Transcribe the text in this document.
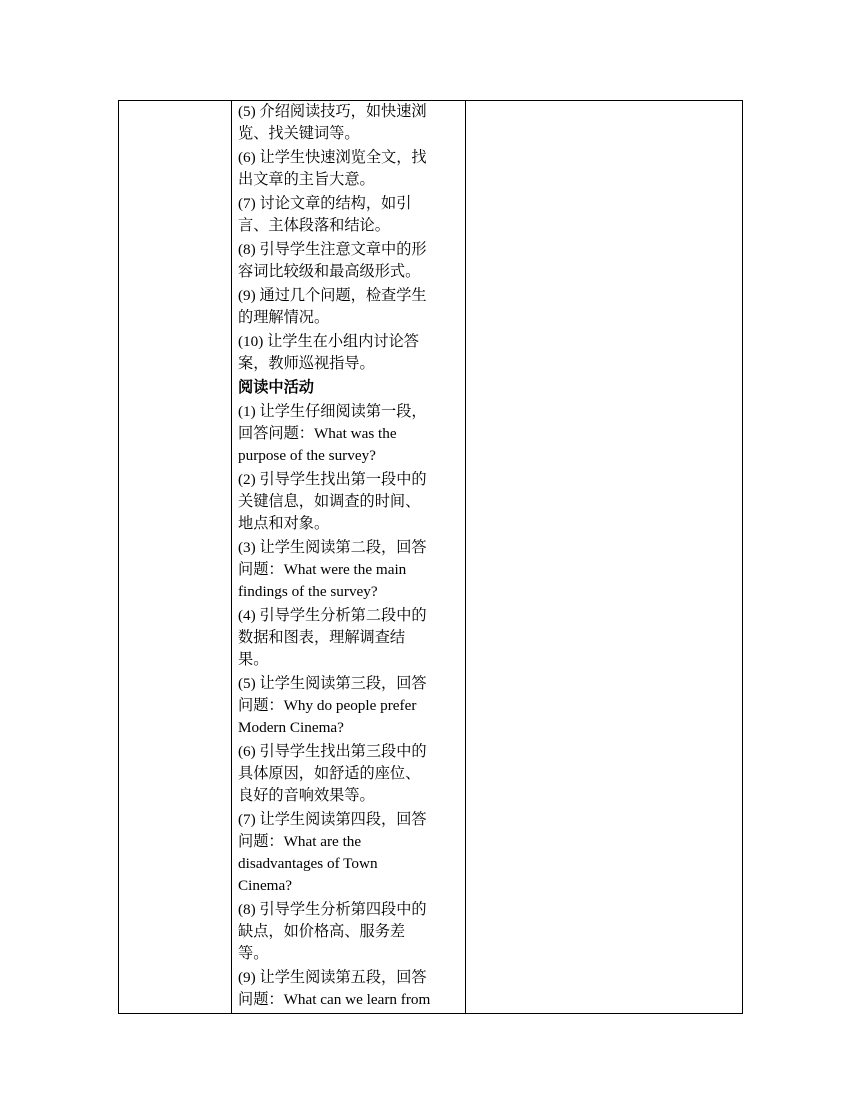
(5) 介绍阅读技巧，如快速浏
览、找关键词等。
(6) 让学生快速浏览全文，找
出文章的主旨大意。
(7) 讨论文章的结构，如引
言、主体段落和结论。
(8) 引导学生注意文章中的形
容词比较级和最高级形式。
(9) 通过几个问题，检查学生
的理解情况。
(10) 让学生在小组内讨论答
案，教师巡视指导。
阅读中活动
(1) 让学生仔细阅读第一段，
回答问题：What was the
purpose of the survey?
(2) 引导学生找出第一段中的
关键信息，如调查的时间、
地点和对象。
(3) 让学生阅读第二段，回答
问题：What were the main
findings of the survey?
(4) 引导学生分析第二段中的
数据和图表，理解调查结
果。
(5) 让学生阅读第三段，回答
问题：Why do people prefer
Modern Cinema?
(6) 引导学生找出第三段中的
具体原因，如舒适的座位、
良好的音响效果等。
(7) 让学生阅读第四段，回答
问题：What are the
disadvantages of Town
Cinema?
(8) 引导学生分析第四段中的
缺点，如价格高、服务差
等。
(9) 让学生阅读第五段，回答
问题：What can we learn from
